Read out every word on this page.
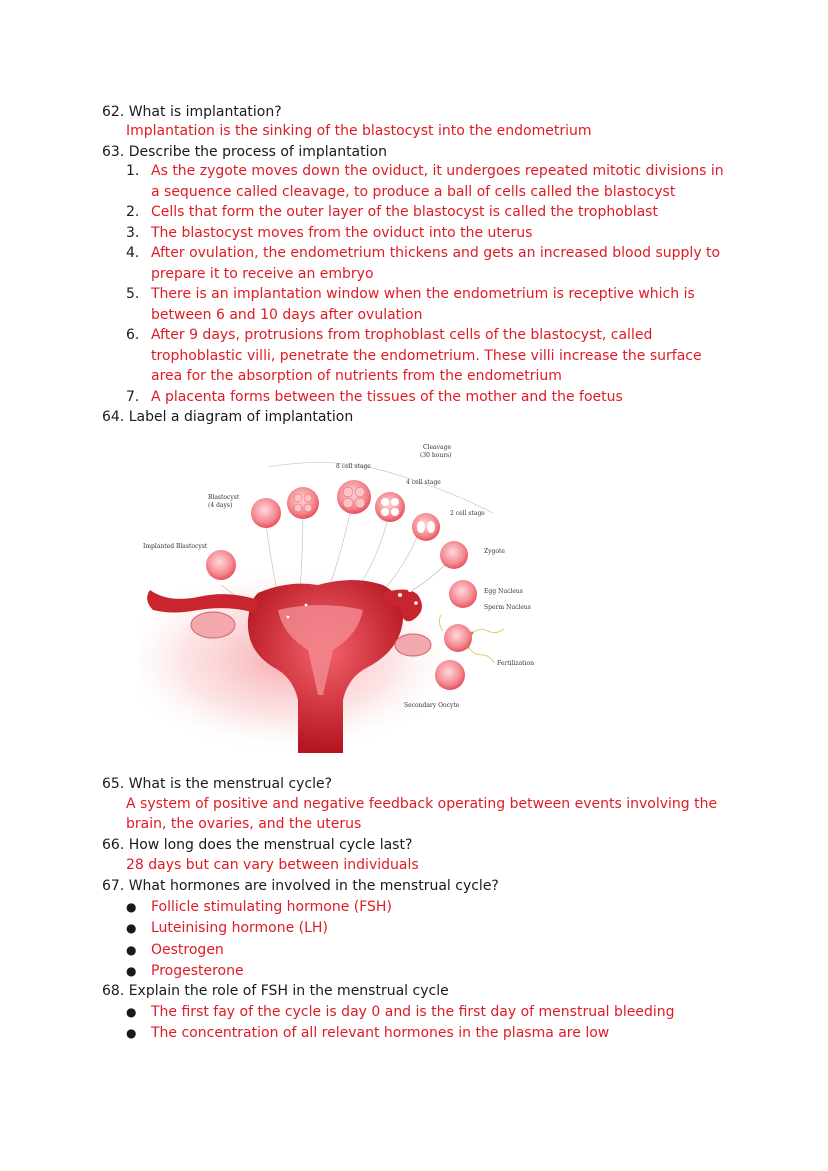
62. What is implantation?
Implantation is the sinking of the blastocyst into the endometrium
63. Describe the process of implantation
1. As the zygote moves down the oviduct, it undergoes repeated mitotic divisions in a sequence called cleavage, to produce a ball of cells called the blastocyst
2. Cells that form the outer layer of the blastocyst is called the trophoblast
3. The blastocyst moves from the oviduct into the uterus
4. After ovulation, the endometrium thickens and gets an increased blood supply to prepare it to receive an embryo
5. There is an implantation window when the endometrium is receptive which is between 6 and 10 days after ovulation
6. After 9 days, protrusions from trophoblast cells of the blastocyst, called trophoblastic villi, penetrate the endometrium. These villi increase the surface area for the absorption of nutrients from the endometrium
7. A placenta forms between the tissues of the mother and the foetus
64. Label a diagram of implantation
Cleavage
(30 hours)
8 cell stage
4 cell stage
Blastocyst
(4 days)
2 cell stage
Implanted Blastocyst
Zygote
Egg Nucleus
Sperm Nucleus
Fertilization
Secondary Oocyte
65. What is the menstrual cycle?
A system of positive and negative feedback operating between events involving the
brain, the ovaries, and the uterus
66. How long does the menstrual cycle last?
28 days but can vary between individuals
67. What hormones are involved in the menstrual cycle?
● Follicle stimulating hormone (FSH)
● Luteinising hormone (LH)
● Oestrogen
● Progesterone
68. Explain the role of FSH in the menstrual cycle
● The first fay of the cycle is day 0 and is the first day of menstrual bleeding
● The concentration of all relevant hormones in the plasma are low
